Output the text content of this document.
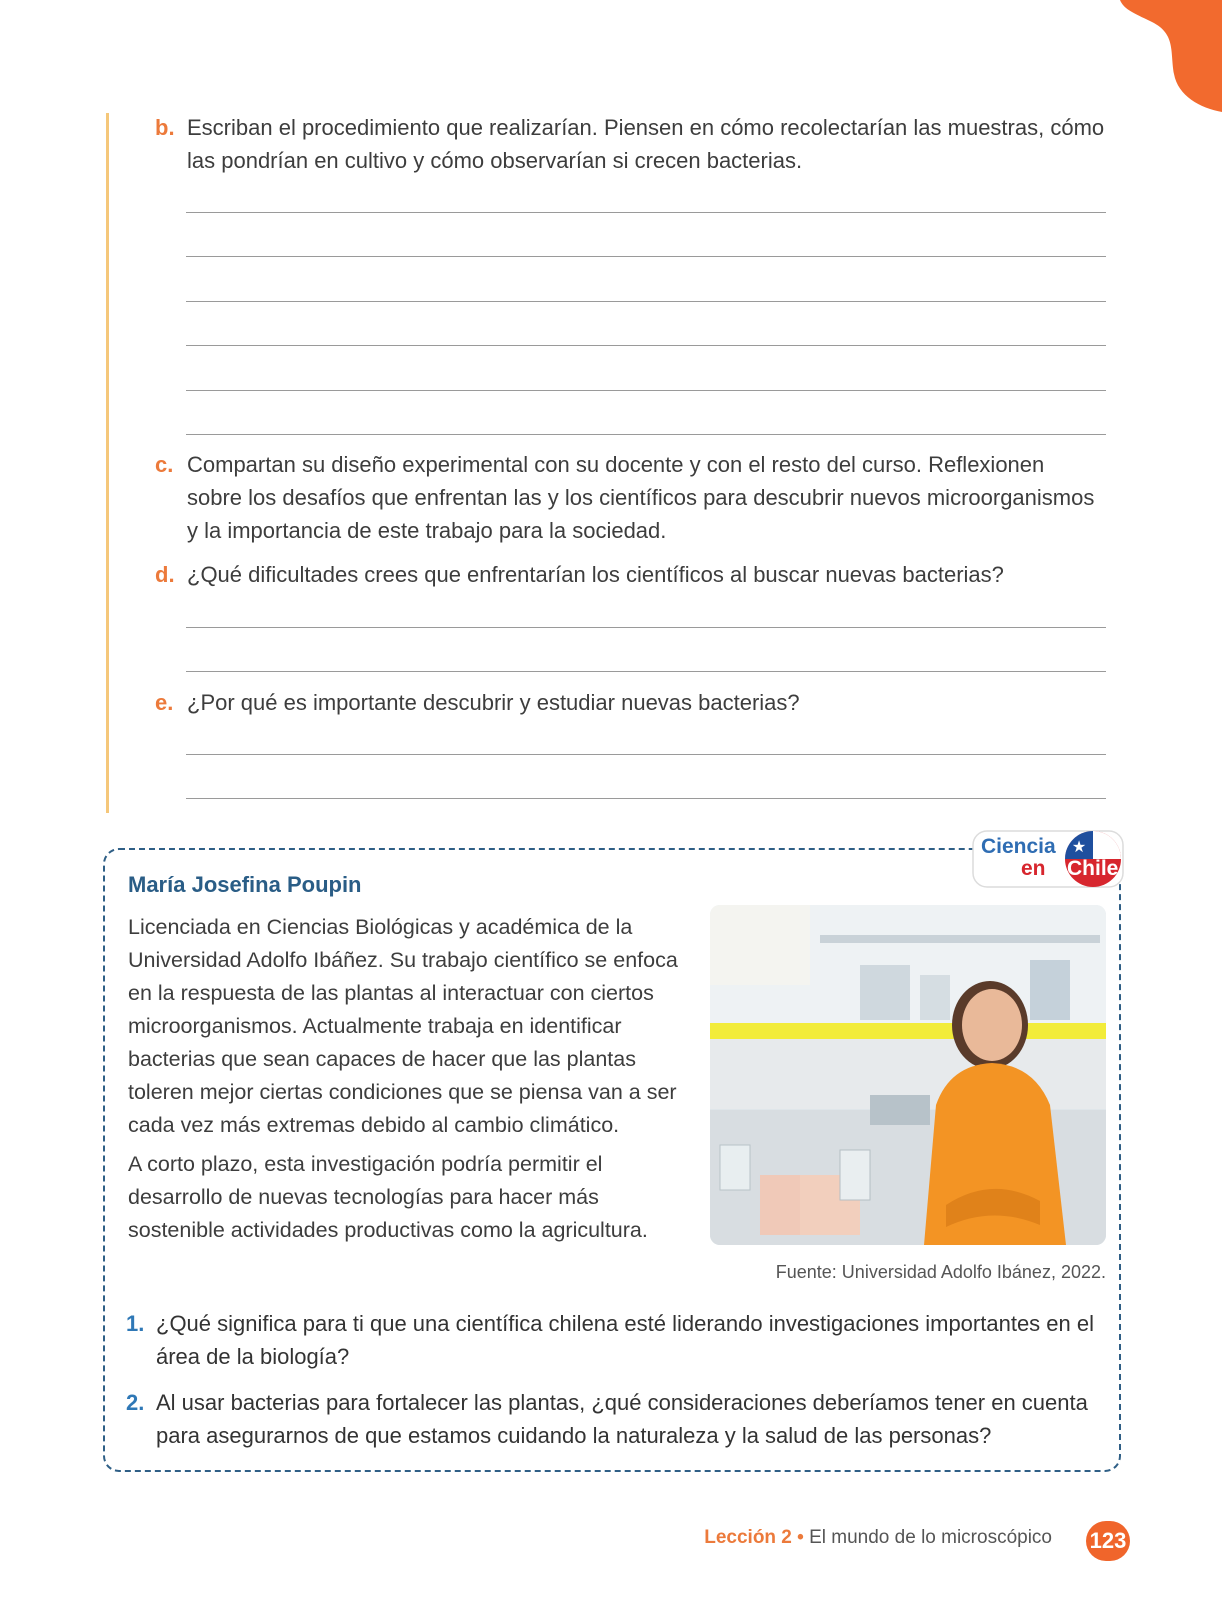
b. Escriban el procedimiento que realizarían. Piensen en cómo recolectarían las muestras, cómo las pondrían en cultivo y cómo observarían si crecen bacterias.
c. Compartan su diseño experimental con su docente y con el resto del curso. Reflexionen sobre los desafíos que enfrentan las y los científicos para descubrir nuevos microorganismos y la importancia de este trabajo para la sociedad.
d. ¿Qué dificultades crees que enfrentarían los científicos al buscar nuevas bacterias?
e. ¿Por qué es importante descubrir y estudiar nuevas bacterias?
★
Ciencia
en Chile
María Josefina Poupin
Licenciada en Ciencias Biológicas y académica de la Universidad Adolfo Ibáñez. Su trabajo científico se enfoca en la respuesta de las plantas al interactuar con ciertos microorganismos. Actualmente trabaja en identificar bacterias que sean capaces de hacer que las plantas toleren mejor ciertas condiciones que se piensa van a ser cada vez más extremas debido al cambio climático.
A corto plazo, esta investigación podría permitir el desarrollo de nuevas tecnologías para hacer más sostenible actividades productivas como la agricultura.
Fuente: Universidad Adolfo Ibánez, 2022.
1. ¿Qué significa para ti que una científica chilena esté liderando investigaciones importantes en el área de la biología?
2. Al usar bacterias para fortalecer las plantas, ¿qué consideraciones deberíamos tener en cuenta para asegurarnos de que estamos cuidando la naturaleza y la salud de las personas?
Lección 2 • El mundo de lo microscópico 123
